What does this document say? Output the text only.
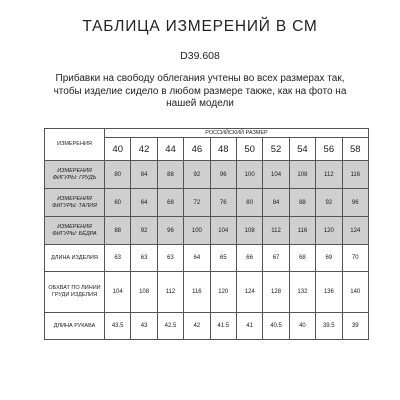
ТАБЛИЦА ИЗМЕРЕНИЙ В СМ
D39.608
Прибавки на свободу облегания учтены во всех размерах так,
чтобы изделие сидело в любом размере также, как на фото на
нашей модели
ИЗМЕРЕНИЯ	РОССИЙСКИЙ РАЗМЕР									
	40	42	44	46	48	50	52	54	56	58
ИЗМЕРЕНИЯ ФИГУРЫ: ГРУДЬ	80	84	88	92	96	100	104	108	112	116
ИЗМЕРЕНИЯ ФИГУРЫ: ТАЛИЯ	60	64	68	72	76	80	84	88	92	96
ИЗМЕРЕНИЯ ФИГУРЫ: БЁДРА	88	92	96	100	104	108	112	116	120	124
ДЛИНА ИЗДЕЛИЯ	63	63	63	64	65	66	67	68	69	70
ОБХВАТ ПО ЛИНИИ ГРУДИ ИЗДЕЛИЯ	104	108	112	116	120	124	128	132	136	140
ДЛИНА РУКАВА	43.5	43	42.5	42	41.5	41	40.5	40	39.5	39
